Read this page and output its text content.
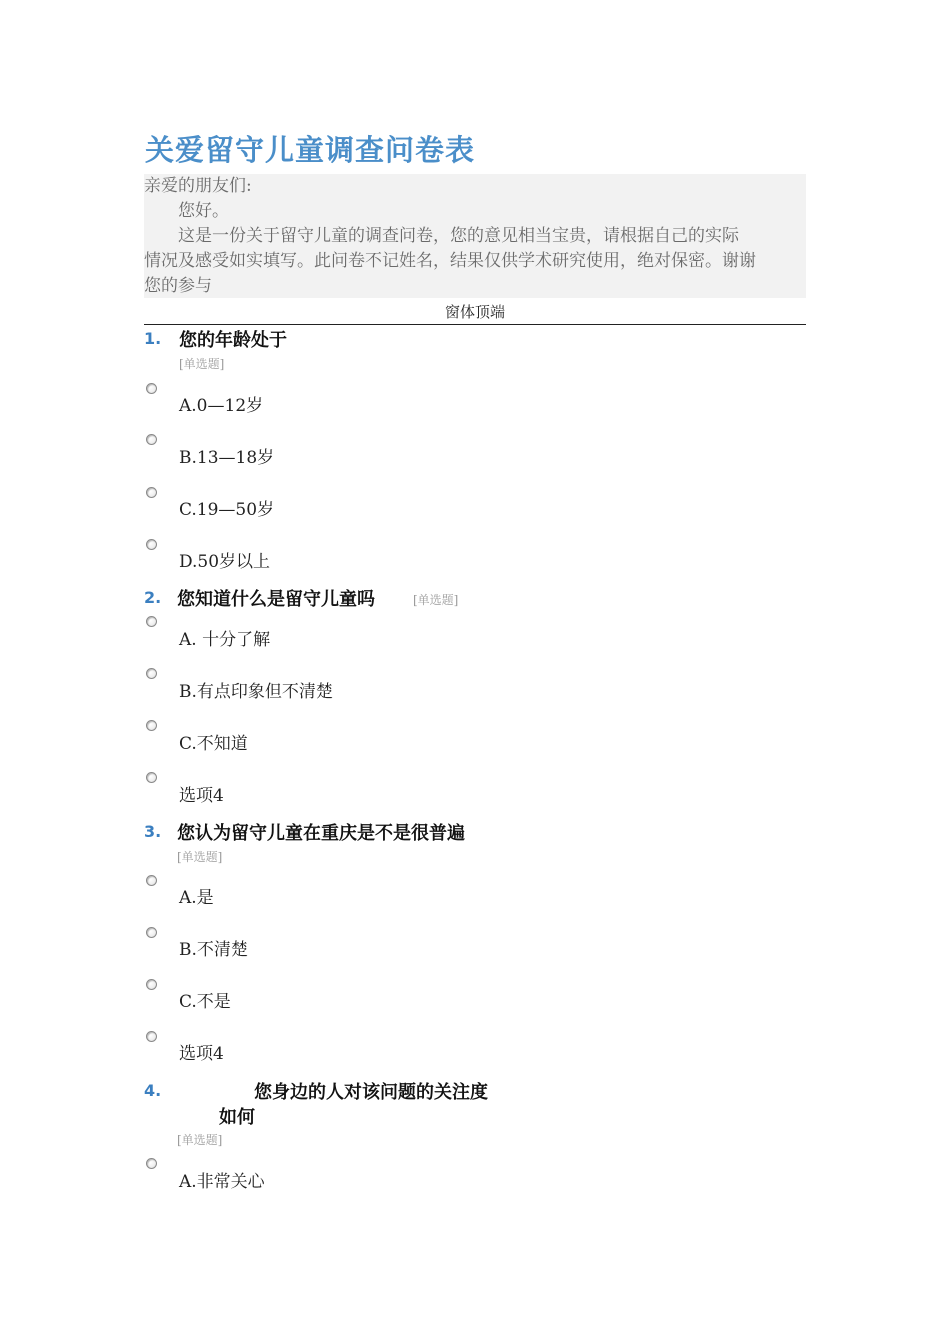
关爱留守儿童调查问卷表

亲爱的朋友们:

您好。

这是一份关于留守儿童的调查问卷，您的意见相当宝贵，请根据自己的实际

情况及感受如实填写。此问卷不记姓名，结果仅供学术研究使用，绝对保密。谢谢

您的参与

窗体顶端
1. 您的年龄处于
[单选题]
A.0—12岁
B.13—18岁
C.19—50岁
D.50岁以上
2. 您知道什么是留守儿童吗	[单选题]
A. 十分了解
B.有点印象但不清楚
C.不知道
选项4
3. 您认为留守儿童在重庆是不是很普遍
[单选题]
A.是
B.不清楚
C.不是
选项4
4.	您身边的人对该问题的关注度
如何
[单选题]
A.非常关心
